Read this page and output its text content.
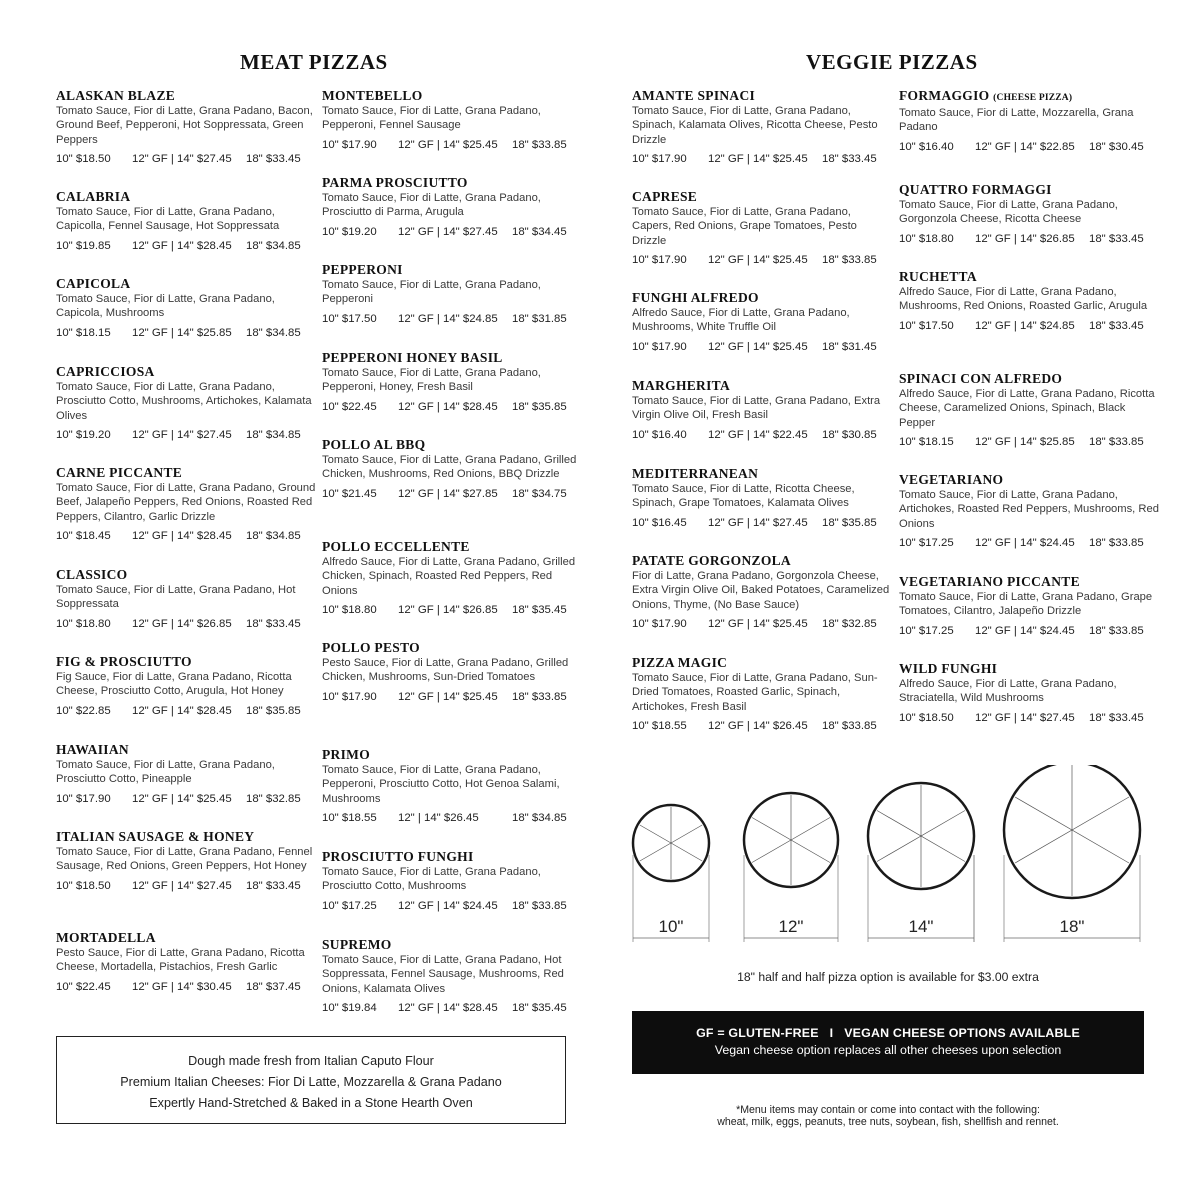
MEAT PIZZAS	VEGGIE PIZZAS
ALASKAN BLAZE
Tomato Sauce, Fior di Latte, Grana Padano, Bacon, Ground Beef, Pepperoni, Hot Soppressata, Green Peppers
10" $18.50 12" GF | 14" $27.45 18" $33.45
CALABRIA
Tomato Sauce, Fior di Latte, Grana Padano, Capicolla, Fennel Sausage, Hot Soppressata
10" $19.85 12" GF | 14" $28.45 18" $34.85
CAPICOLA
Tomato Sauce, Fior di Latte, Grana Padano, Capicola, Mushrooms
10" $18.15 12" GF | 14" $25.85 18" $34.85
CAPRICCIOSA
Tomato Sauce, Fior di Latte, Grana Padano, Prosciutto Cotto, Mushrooms, Artichokes, Kalamata Olives
10" $19.20 12" GF | 14" $27.45 18" $34.85
CARNE PICCANTE
Tomato Sauce, Fior di Latte, Grana Padano, Ground Beef, Jalapeño Peppers, Red Onions, Roasted Red Peppers, Cilantro, Garlic Drizzle
10" $18.45 12" GF | 14" $28.45 18" $34.85
CLASSICO
Tomato Sauce, Fior di Latte, Grana Padano, Hot Soppressata
10" $18.80 12" GF | 14" $26.85 18" $33.45
FIG & PROSCIUTTO
Fig Sauce, Fior di Latte, Grana Padano, Ricotta Cheese, Prosciutto Cotto, Arugula, Hot Honey
10" $22.85 12" GF | 14" $28.45 18" $35.85
HAWAIIAN
Tomato Sauce, Fior di Latte, Grana Padano, Prosciutto Cotto, Pineapple
10" $17.90 12" GF | 14" $25.45 18" $32.85
ITALIAN SAUSAGE & HONEY
Tomato Sauce, Fior di Latte, Grana Padano, Fennel Sausage, Red Onions, Green Peppers, Hot Honey
10" $18.50 12" GF | 14" $27.45 18" $33.45
MORTADELLA
Pesto Sauce, Fior di Latte, Grana Padano, Ricotta Cheese, Mortadella, Pistachios, Fresh Garlic
10" $22.45 12" GF | 14" $30.45 18" $37.45
MONTEBELLO
Tomato Sauce, Fior di Latte, Grana Padano, Pepperoni, Fennel Sausage
10" $17.90 12" GF | 14" $25.45 18" $33.85
PARMA PROSCIUTTO
Tomato Sauce, Fior di Latte, Grana Padano, Prosciutto di Parma, Arugula
10" $19.20 12" GF | 14" $27.45 18" $34.45
PEPPERONI
Tomato Sauce, Fior di Latte, Grana Padano, Pepperoni
10" $17.50 12" GF | 14" $24.85 18" $31.85
PEPPERONI HONEY BASIL
Tomato Sauce, Fior di Latte, Grana Padano, Pepperoni, Honey, Fresh Basil
10" $22.45 12" GF | 14" $28.45 18" $35.85
POLLO AL BBQ
Tomato Sauce, Fior di Latte, Grana Padano, Grilled Chicken, Mushrooms, Red Onions, BBQ Drizzle
10" $21.45 12" GF | 14" $27.85 18" $34.75
POLLO ECCELLENTE
Alfredo Sauce, Fior di Latte, Grana Padano, Grilled Chicken, Spinach, Roasted Red Peppers, Red Onions
10" $18.80 12" GF | 14" $26.85 18" $35.45
POLLO PESTO
Pesto Sauce, Fior di Latte, Grana Padano, Grilled Chicken, Mushrooms, Sun-Dried Tomatoes
10" $17.90 12" GF | 14" $25.45 18" $33.85
PRIMO
Tomato Sauce, Fior di Latte, Grana Padano, Pepperoni, Prosciutto Cotto, Hot Genoa Salami, Mushrooms
10" $18.55 12" | 14" $26.45	18" $34.85
PROSCIUTTO FUNGHI
Tomato Sauce, Fior di Latte, Grana Padano, Prosciutto Cotto, Mushrooms
10" $17.25 12" GF | 14" $24.45 18" $33.85
SUPREMO
Tomato Sauce, Fior di Latte, Grana Padano, Hot Soppressata, Fennel Sausage, Mushrooms, Red Onions, Kalamata Olives
10" $19.84 12" GF | 14" $28.45 18" $35.45
AMANTE SPINACI
Tomato Sauce, Fior di Latte, Grana Padano, Spinach, Kalamata Olives, Ricotta Cheese, Pesto Drizzle
10" $17.90 12" GF | 14" $25.45 18" $33.45
CAPRESE
Tomato Sauce, Fior di Latte, Grana Padano, Capers, Red Onions, Grape Tomatoes, Pesto Drizzle
10" $17.90 12" GF | 14" $25.45 18" $33.85
FUNGHI ALFREDO
Alfredo Sauce, Fior di Latte, Grana Padano, Mushrooms, White Truffle Oil
10" $17.90 12" GF | 14" $25.45 18" $31.45
MARGHERITA
Tomato Sauce, Fior di Latte, Grana Padano, Extra Virgin Olive Oil, Fresh Basil
10" $16.40 12" GF | 14" $22.45 18" $30.85
MEDITERRANEAN
Tomato Sauce, Fior di Latte, Ricotta Cheese, Spinach, Grape Tomatoes, Kalamata Olives
10" $16.45 12" GF | 14" $27.45 18" $35.85
PATATE GORGONZOLA
Fior di Latte, Grana Padano, Gorgonzola Cheese, Extra Virgin Olive Oil, Baked Potatoes, Caramelized Onions, Thyme, (No Base Sauce)
10" $17.90 12" GF | 14" $25.45 18" $32.85
PIZZA MAGIC
Tomato Sauce, Fior di Latte, Grana Padano, Sun-Dried Tomatoes, Roasted Garlic, Spinach, Artichokes, Fresh Basil
10" $18.55 12" GF | 14" $26.45 18" $33.85
FORMAGGIO (CHEESE PIZZA)
Tomato Sauce, Fior di Latte, Mozzarella, Grana Padano
10" $16.40 12" GF | 14" $22.85 18" $30.45
QUATTRO FORMAGGI
Tomato Sauce, Fior di Latte, Grana Padano, Gorgonzola Cheese, Ricotta Cheese
10" $18.80 12" GF | 14" $26.85 18" $33.45
RUCHETTA
Alfredo Sauce, Fior di Latte, Grana Padano, Mushrooms, Red Onions, Roasted Garlic, Arugula
10" $17.50 12" GF | 14" $24.85 18" $33.45
SPINACI CON ALFREDO
Alfredo Sauce, Fior di Latte, Grana Padano, Ricotta Cheese, Caramelized Onions, Spinach, Black Pepper
10" $18.15 12" GF | 14" $25.85 18" $33.85
VEGETARIANO
Tomato Sauce, Fior di Latte, Grana Padano, Artichokes, Roasted Red Peppers, Mushrooms, Red Onions
10" $17.25 12" GF | 14" $24.45 18" $33.85
VEGETARIANO PICCANTE
Tomato Sauce, Fior di Latte, Grana Padano, Grape Tomatoes, Cilantro, Jalapeño Drizzle
10" $17.25 12" GF | 14" $24.45 18" $33.85
WILD FUNGHI
Alfredo Sauce, Fior di Latte, Grana Padano, Straciatella, Wild Mushrooms
10" $18.50 12" GF | 14" $27.45 18" $33.45
Dough made fresh from Italian Caputo Flour
Premium Italian Cheeses: Fior Di Latte, Mozzarella & Grana Padano
Expertly Hand-Stretched & Baked in a Stone Hearth Oven
10"	12"	14"	18"
18" half and half pizza option is available for $3.00 extra
GF = GLUTEN-FREE   I   VEGAN CHEESE OPTIONS AVAILABLE
Vegan cheese option replaces all other cheeses upon selection
*Menu items may contain or come into contact with the following:
wheat, milk, eggs, peanuts, tree nuts, soybean, fish, shellfish and rennet.
